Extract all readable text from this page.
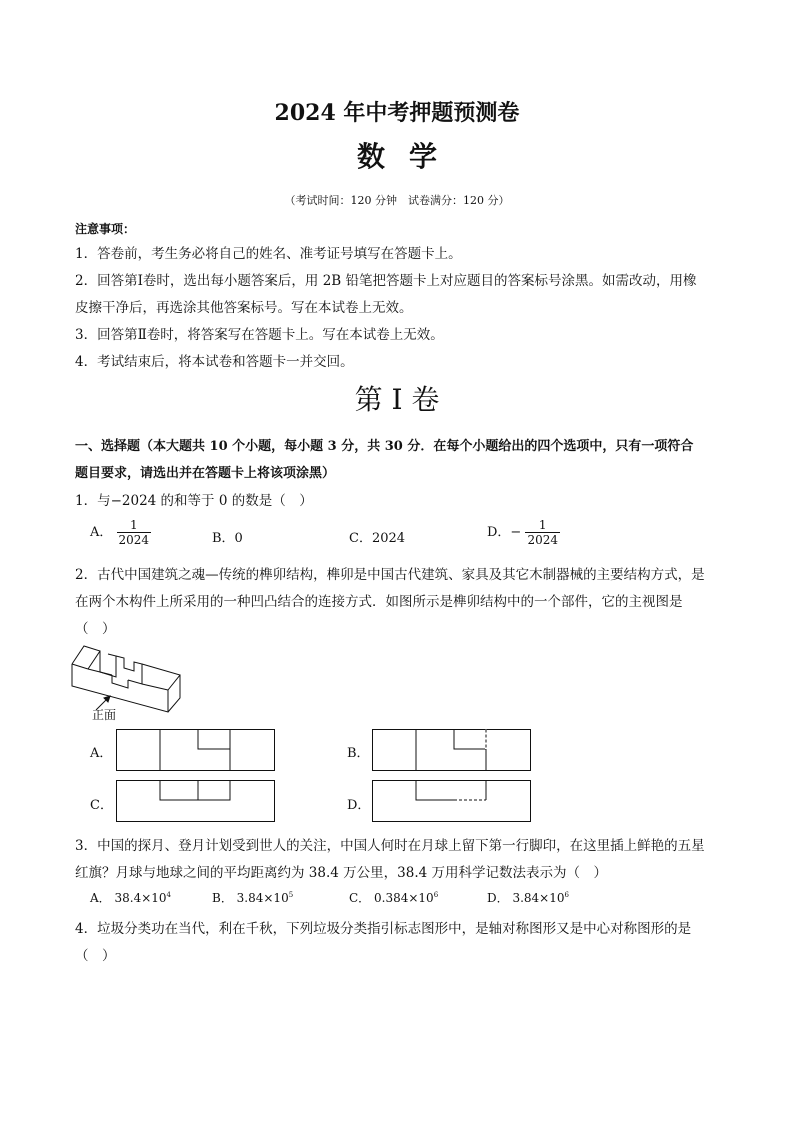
2024 年中考押题预测卷
数学
（考试时间：120 分钟　试卷满分：120 分）
注意事项：
1．答卷前，考生务必将自己的姓名、准考证号填写在答题卡上。
2．回答第Ⅰ卷时，选出每小题答案后，用 2B 铅笔把答题卡上对应题目的答案标号涂黑。如需改动，用橡
皮擦干净后，再选涂其他答案标号。写在本试卷上无效。
3．回答第Ⅱ卷时，将答案写在答题卡上。写在本试卷上无效。
4．考试结束后，将本试卷和答题卡一并交回。
第 I 卷
一、选择题（本大题共 10 个小题，每小题 3 分，共 30 分．在每个小题给出的四个选项中，只有一项符合
题目要求，请选出并在答题卡上将该项涂黑）
1．与−2024 的和等于 0 的数是（　）
A． $\frac{1}{2024}$	B．0	C．2024	D．− $\frac{1}{2024}$
2．古代中国建筑之魂—传统的榫卯结构，榫卯是中国古代建筑、家具及其它木制器械的主要结构方式，是
在两个木构件上所采用的一种凹凸结合的连接方式．如图所示是榫卯结构中的一个部件，它的主视图是
（　）
正面
A．	B．
C．	D．
3．中国的探月、登月计划受到世人的关注，中国人何时在月球上留下第一行脚印，在这里插上鲜艳的五星
红旗？月球与地球之间的平均距离约为 38.4 万公里，38.4 万用科学记数法表示为（　）
A． $38.4\times 10^4$	B． $3.84\times 10^5$	C． $0.384\times 10^6$	D． $3.84\times 10^6$
4．垃圾分类功在当代，利在千秋，下列垃圾分类指引标志图形中，是轴对称图形又是中心对称图形的是
（　）
